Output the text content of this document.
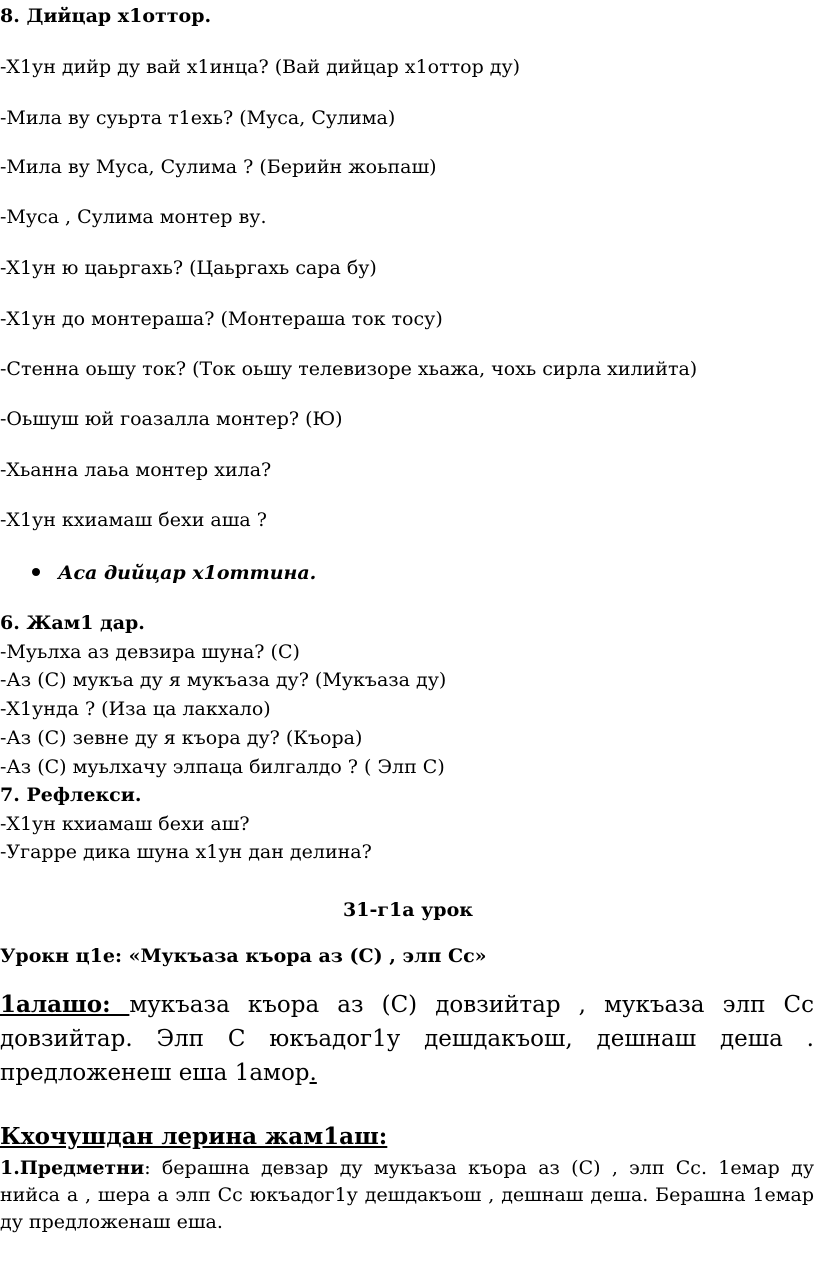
8. Дийцар х1оттор.
-Х1ун дийр ду вай х1инца? (Вай дийцар х1оттор ду)
-Мила ву суьрта т1ехь? (Муса, Сулима)
-Мила ву Муса, Сулима ? (Берийн жоьпаш)
-Муса , Сулима монтер ву.
-Х1ун ю цаьргахь? (Цаьргахь сара бу)
-Х1ун до монтераша? (Монтераша ток тосу)
-Стенна оьшу ток? (Ток оьшу телевизоре хьажа, чохь сирла хилийта)
-Оьшуш юй гоазалла монтер? (Ю)
-Хьанна лаьа монтер хила?
-Х1ун кхиамаш бехи аша ?
Аса дийцар х1оттина.
6. Жам1 дар.
-Муьлха аз девзира шуна? (С)
-Аз (С) мукъа ду я мукъаза ду? (Мукъаза ду)
-Х1унда ? (Иза ца лакхало)
-Аз (С) зевне ду я къора ду? (Къора)
-Аз (С) муьлхачу элпаца билгалдо ? ( Элп С)
7. Рефлекси.
-Х1ун кхиамаш бехи аш?
-Угарре дика шуна х1ун дан делина?
31-г1а урок
Урокн ц1е: «Мукъаза къора аз (С) , элп Сс»
1алашо: мукъаза къора аз (С) довзийтар , мукъаза элп Сс довзийтар. Элп С юкъадог1у дешдакъош, дешнаш деша . предложенеш еша 1амор.
Кхочушдан лерина жам1аш:
1.Предметни: берашна девзар ду мукъаза къора аз (С) , элп Сс. 1емар ду нийса а , шера а элп Сс юкъадог1у дешдакъош , дешнаш деша. Берашна 1емар ду предложенаш еша.
